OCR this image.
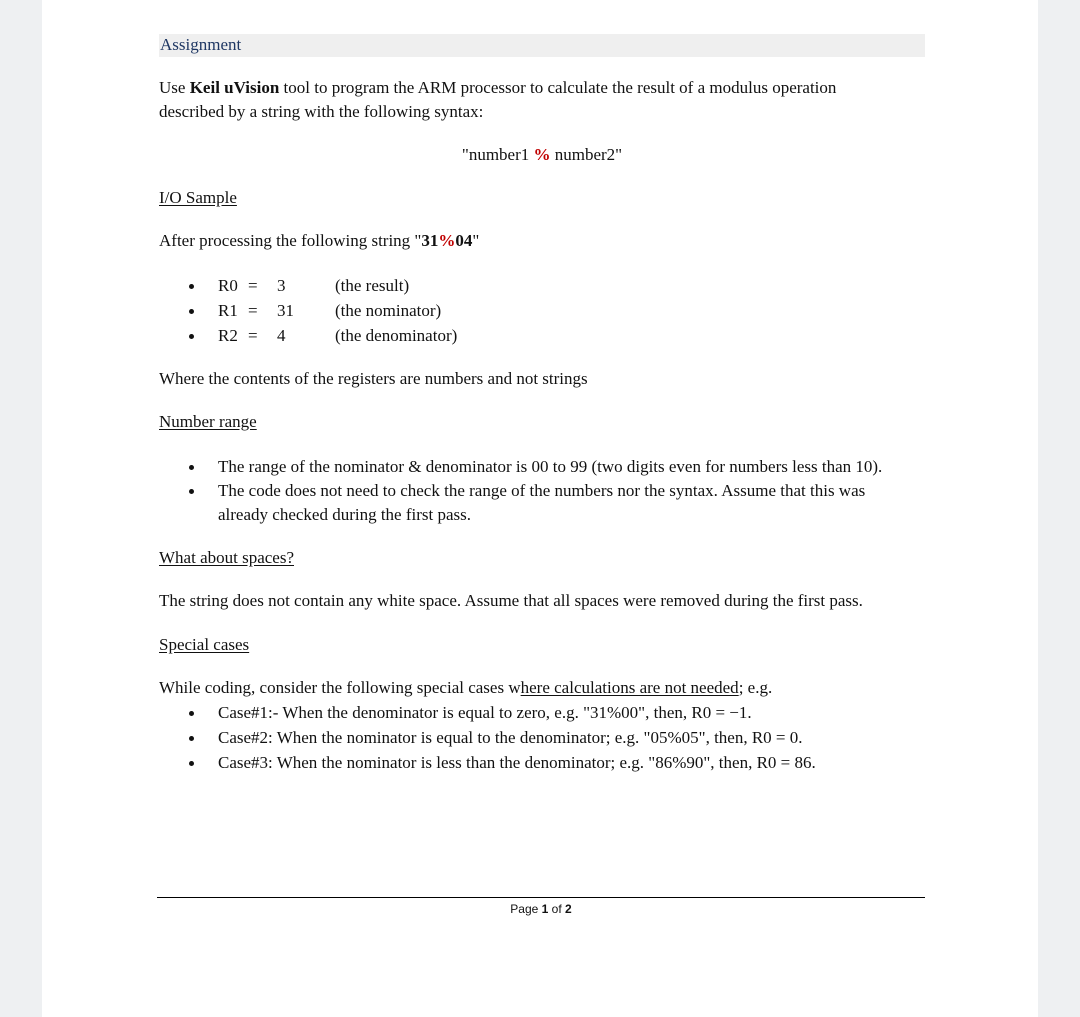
Assignment
Use Keil uVision tool to program the ARM processor to calculate the result of a modulus operation
described by a string with the following syntax:
"number1 % number2"
I/O Sample
After processing the following string "31%04"
R0 = 3	(the result)
R1 = 31 (the nominator)
R2 = 4	(the denominator)
Where the contents of the registers are numbers and not strings
Number range
The range of the nominator & denominator is 00 to 99 (two digits even for numbers less than 10).
The code does not need to check the range of the numbers nor the syntax. Assume that this was
already checked during the first pass.
What about spaces?
The string does not contain any white space. Assume that all spaces were removed during the first pass.
Special cases
While coding, consider the following special cases where calculations are not needed; e.g.
Case#1:- When the denominator is equal to zero, e.g. "31%00", then, R0 = −1.
Case#2: When the nominator is equal to the denominator; e.g. "05%05", then, R0 = 0.
Case#3: When the nominator is less than the denominator; e.g. "86%90", then, R0 = 86.
Page 1 of 2
